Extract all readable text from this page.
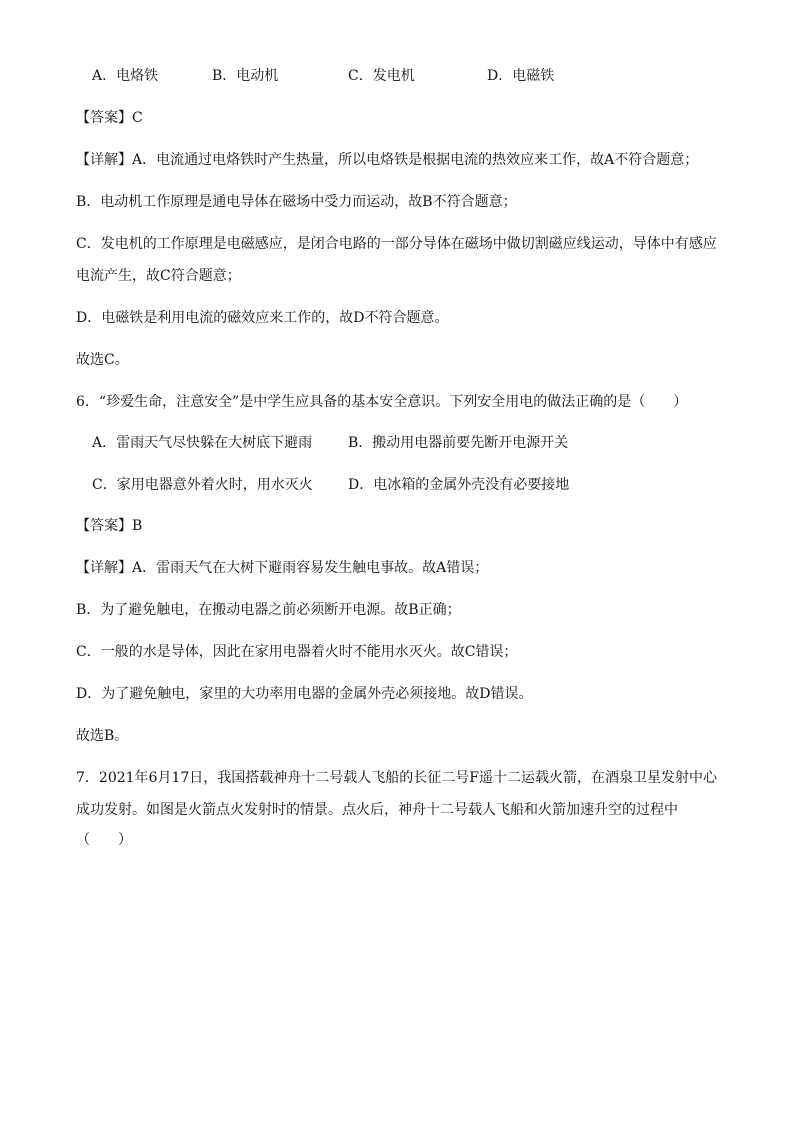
A．电烙铁	B．电动机	C．发电机	D．电磁铁
【答案】C
【详解】A．电流通过电烙铁时产生热量，所以电烙铁是根据电流的热效应来工作，故A不符合题意；
B．电动机工作原理是通电导体在磁场中受力而运动，故B不符合题意；
C．发电机的工作原理是电磁感应，是闭合电路的一部分导体在磁场中做切割磁应线运动，导体中有感应
电流产生，故C符合题意；
D．电磁铁是利用电流的磁效应来工作的，故D不符合题意。
故选C。
6．“珍爱生命，注意安全”是中学生应具备的基本安全意识。下列安全用电的做法正确的是（　　）
A．雷雨天气尽快躲在大树底下避雨	B．搬动用电器前要先断开电源开关
C．家用电器意外着火时，用水灭火	D．电冰箱的金属外壳没有必要接地
【答案】B
【详解】A．雷雨天气在大树下避雨容易发生触电事故。故A错误；
B．为了避免触电，在搬动电器之前必须断开电源。故B正确；
C．一般的水是导体，因此在家用电器着火时不能用水灭火。故C错误；
D．为了避免触电，家里的大功率用电器的金属外壳必须接地。故D错误。
故选B。
7．2021年6月17日，我国搭载神舟十二号载人飞船的长征二号F遥十二运载火箭，在酒泉卫星发射中心
成功发射。如图是火箭点火发射时的情景。点火后，神舟十二号载人飞船和火箭加速升空的过程中
（　　）
